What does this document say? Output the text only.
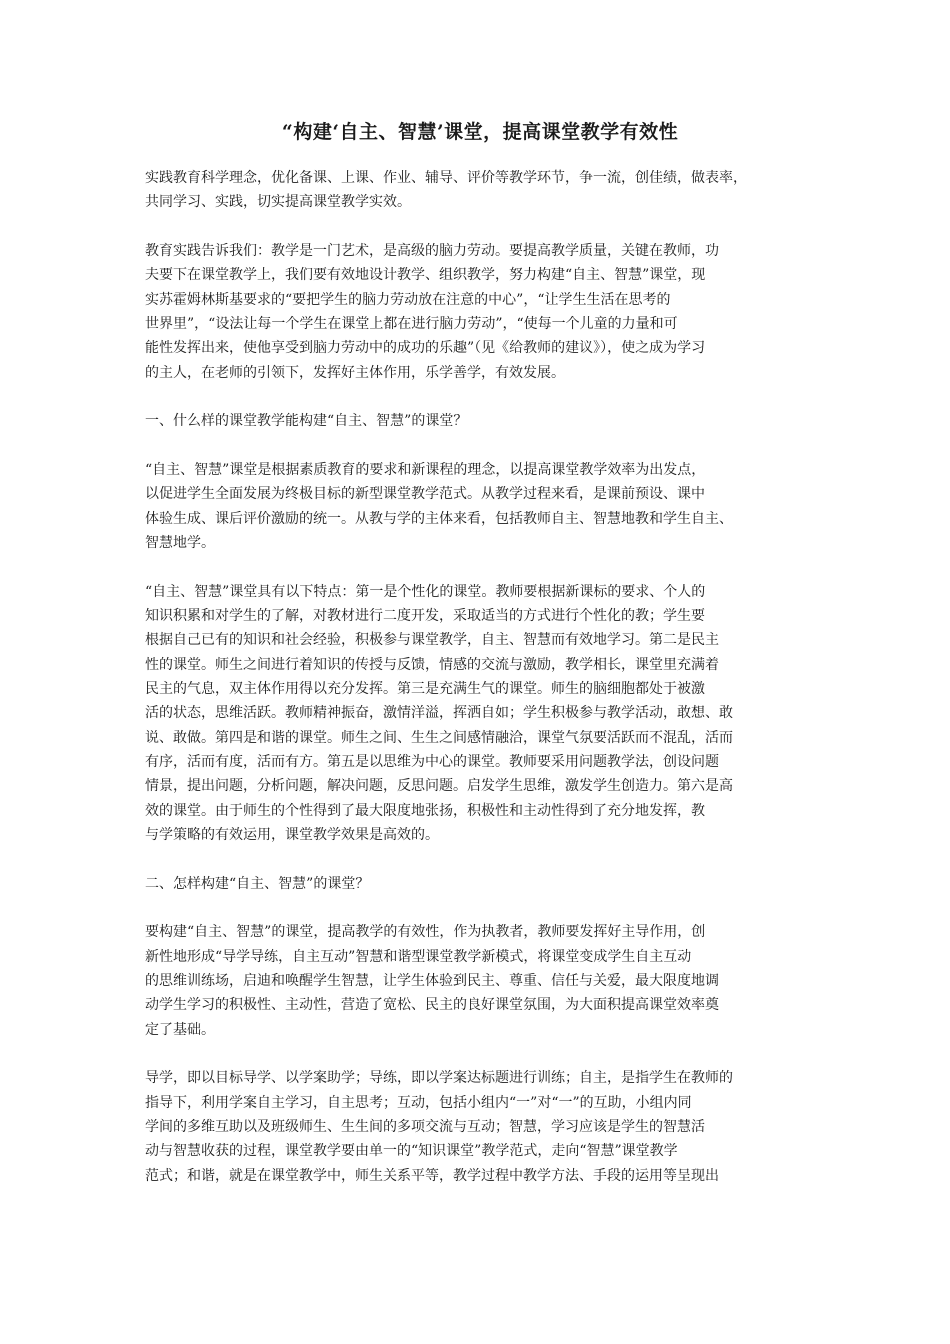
“构建‘自主、智慧’课堂，提高课堂教学有效性
实践教育科学理念，优化备课、上课、作业、辅导、评价等教学环节，争一流，创佳绩，做表率，
共同学习、实践，切实提高课堂教学实效。
教育实践告诉我们：教学是一门艺术，是高级的脑力劳动。要提高教学质量，关键在教师，功
夫要下在课堂教学上，我们要有效地设计教学、组织教学，努力构建“自主、智慧”课堂，现
实苏霍姆林斯基要求的“要把学生的脑力劳动放在注意的中心”，“让学生生活在思考的
世界里”，“设法让每一个学生在课堂上都在进行脑力劳动”，“使每一个儿童的力量和可
能性发挥出来，使他享受到脑力劳动中的成功的乐趣”（见《给教师的建议》），使之成为学习
的主人，在老师的引领下，发挥好主体作用，乐学善学，有效发展。
一、什么样的课堂教学能构建“自主、智慧”的课堂？
“自主、智慧”课堂是根据素质教育的要求和新课程的理念，以提高课堂教学效率为出发点，
以促进学生全面发展为终极目标的新型课堂教学范式。从教学过程来看，是课前预设、课中
体验生成、课后评价激励的统一。从教与学的主体来看，包括教师自主、智慧地教和学生自主、
智慧地学。
“自主、智慧”课堂具有以下特点：第一是个性化的课堂。教师要根据新课标的要求、个人的
知识积累和对学生的了解，对教材进行二度开发，采取适当的方式进行个性化的教；学生要
根据自己已有的知识和社会经验，积极参与课堂教学，自主、智慧而有效地学习。第二是民主
性的课堂。师生之间进行着知识的传授与反馈，情感的交流与激励，教学相长，课堂里充满着
民主的气息，双主体作用得以充分发挥。第三是充满生气的课堂。师生的脑细胞都处于被激
活的状态，思维活跃。教师精神振奋，激情洋溢，挥洒自如；学生积极参与教学活动，敢想、敢
说、敢做。第四是和谐的课堂。师生之间、生生之间感情融洽，课堂气氛要活跃而不混乱，活而
有序，活而有度，活而有方。第五是以思维为中心的课堂。教师要采用问题教学法，创设问题
情景，提出问题，分析问题，解决问题，反思问题。启发学生思维，激发学生创造力。第六是高
效的课堂。由于师生的个性得到了最大限度地张扬，积极性和主动性得到了充分地发挥，教
与学策略的有效运用，课堂教学效果是高效的。
二、怎样构建“自主、智慧”的课堂？
要构建“自主、智慧”的课堂，提高教学的有效性，作为执教者，教师要发挥好主导作用，创
新性地形成“导学导练，自主互动”智慧和谐型课堂教学新模式，将课堂变成学生自主互动
的思维训练场，启迪和唤醒学生智慧，让学生体验到民主、尊重、信任与关爱，最大限度地调
动学生学习的积极性、主动性，营造了宽松、民主的良好课堂氛围，为大面积提高课堂效率奠
定了基础。
导学，即以目标导学、以学案助学；导练，即以学案达标题进行训练；自主，是指学生在教师的
指导下，利用学案自主学习，自主思考；互动，包括小组内“一”对“一”的互助，小组内同
学间的多维互助以及班级师生、生生间的多项交流与互动；智慧，学习应该是学生的智慧活
动与智慧收获的过程，课堂教学要由单一的“知识课堂”教学范式，走向“智慧”课堂教学
范式；和谐，就是在课堂教学中，师生关系平等，教学过程中教学方法、手段的运用等呈现出
